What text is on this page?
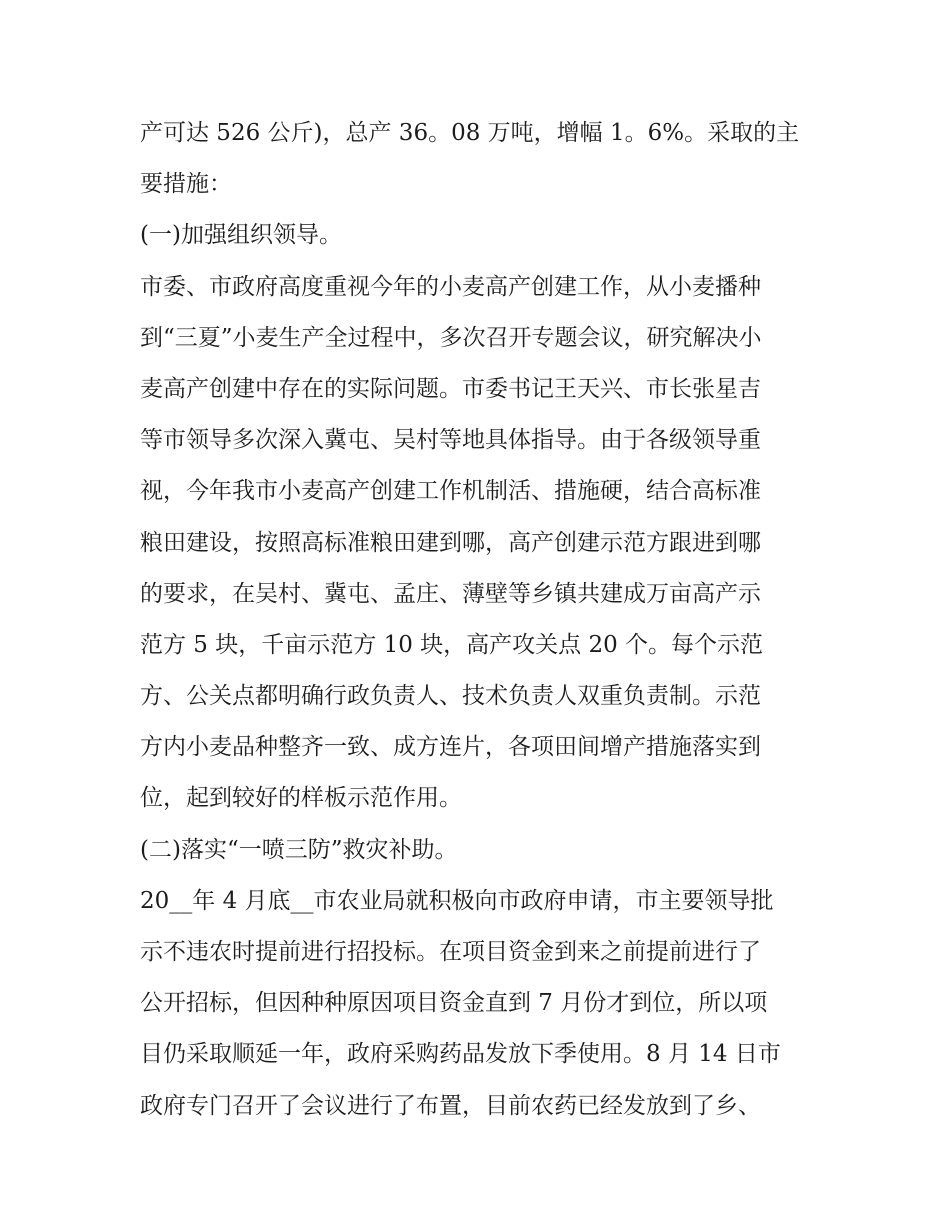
产可达 526 公斤)，总产 36。08 万吨，增幅 1。6%。采取的主
要措施：
(一)加强组织领导。
市委、市政府高度重视今年的小麦高产创建工作，从小麦播种
到“三夏”小麦生产全过程中，多次召开专题会议，研究解决小
麦高产创建中存在的实际问题。市委书记王天兴、市长张星吉
等市领导多次深入冀屯、吴村等地具体指导。由于各级领导重
视，今年我市小麦高产创建工作机制活、措施硬，结合高标准
粮田建设，按照高标准粮田建到哪，高产创建示范方跟进到哪
的要求，在吴村、冀屯、孟庄、薄壁等乡镇共建成万亩高产示
范方 5 块，千亩示范方 10 块，高产攻关点 20 个。每个示范
方、公关点都明确行政负责人、技术负责人双重负责制。示范
方内小麦品种整齐一致、成方连片，各项田间增产措施落实到
位，起到较好的样板示范作用。
(二)落实“一喷三防”救灾补助。
20__年 4 月底__市农业局就积极向市政府申请，市主要领导批
示不违农时提前进行招投标。在项目资金到来之前提前进行了
公开招标，但因种种原因项目资金直到 7 月份才到位，所以项
目仍采取顺延一年，政府采购药品发放下季使用。8 月 14 日市
政府专门召开了会议进行了布置，目前农药已经发放到了乡、
